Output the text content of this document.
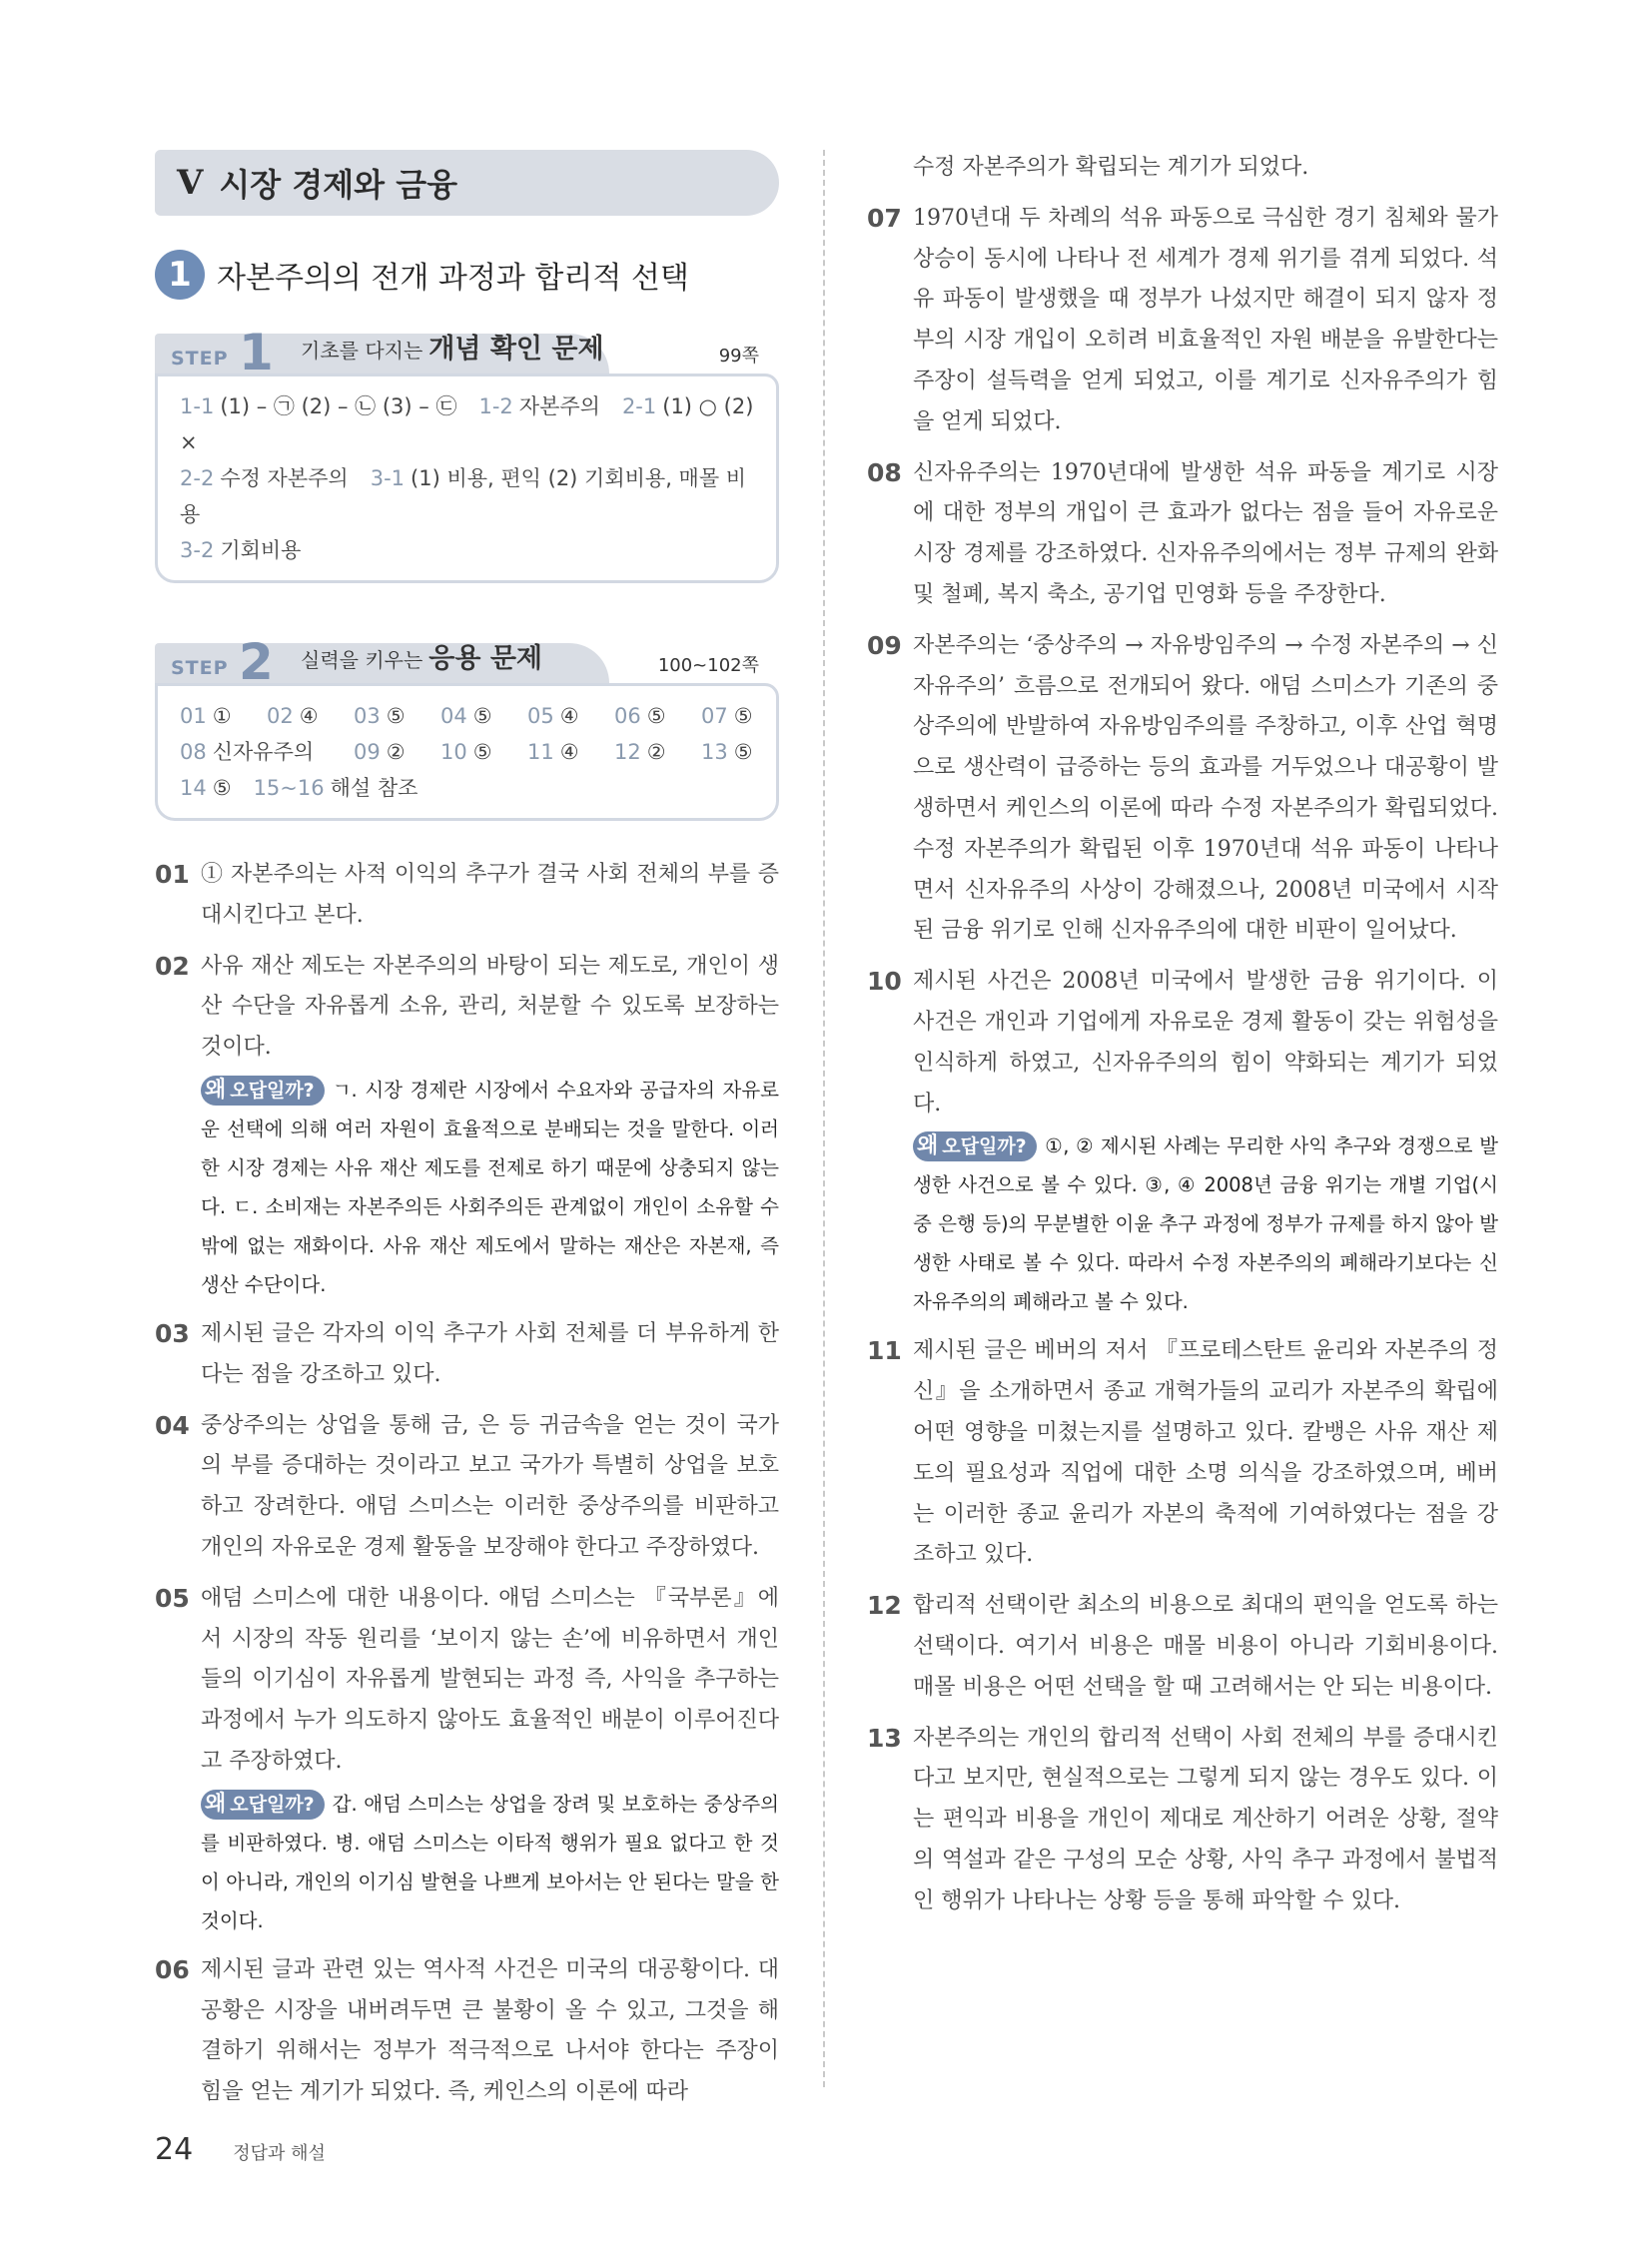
V 시장 경제와 금융
1 자본주의의 전개 과정과 합리적 선택
STEP 1 기초를 다지는 개념 확인 문제	99쪽
1-1 (1) – ㉠ (2) – ㉡ (3) – ㉢ 1-2 자본주의 2-1 (1) ○ (2) ×
2-2 수정 자본주의 3-1 (1) 비용, 편익 (2) 기회비용, 매몰 비용
3-2 기회비용
STEP 2 실력을 키우는 응용 문제	100~102쪽
01 ①	02 ④	03 ⑤	04 ⑤	05 ④	06 ⑤	07 ⑤
08 신자유주의	09 ②	10 ⑤	11 ④	12 ②	13 ⑤
14 ⑤ 15~16 해설 참조
01 ① 자본주의는 사적 이익의 추구가 결국 사회 전체의 부를 증대시킨다고 본다.
02 사유 재산 제도는 자본주의의 바탕이 되는 제도로, 개인이 생산 수단을 자유롭게 소유, 관리, 처분할 수 있도록 보장하는 것이다.
왜 오답일까? ㄱ. 시장 경제란 시장에서 수요자와 공급자의 자유로운 선택에 의해 여러 자원이 효율적으로 분배되는 것을 말한다. 이러한 시장 경제는 사유 재산 제도를 전제로 하기 때문에 상충되지 않는다. ㄷ. 소비재는 자본주의든 사회주의든 관계없이 개인이 소유할 수밖에 없는 재화이다. 사유 재산 제도에서 말하는 재산은 자본재, 즉 생산 수단이다.
03 제시된 글은 각자의 이익 추구가 사회 전체를 더 부유하게 한다는 점을 강조하고 있다.
04 중상주의는 상업을 통해 금, 은 등 귀금속을 얻는 것이 국가의 부를 증대하는 것이라고 보고 국가가 특별히 상업을 보호하고 장려한다. 애덤 스미스는 이러한 중상주의를 비판하고 개인의 자유로운 경제 활동을 보장해야 한다고 주장하였다.
05 애덤 스미스에 대한 내용이다. 애덤 스미스는 『국부론』에서 시장의 작동 원리를 ‘보이지 않는 손’에 비유하면서 개인들의 이기심이 자유롭게 발현되는 과정 즉, 사익을 추구하는 과정에서 누가 의도하지 않아도 효율적인 배분이 이루어진다고 주장하였다.
왜 오답일까? 갑. 애덤 스미스는 상업을 장려 및 보호하는 중상주의를 비판하였다. 병. 애덤 스미스는 이타적 행위가 필요 없다고 한 것이 아니라, 개인의 이기심 발현을 나쁘게 보아서는 안 된다는 말을 한 것이다.
06 제시된 글과 관련 있는 역사적 사건은 미국의 대공황이다. 대공황은 시장을 내버려두면 큰 불황이 올 수 있고, 그것을 해결하기 위해서는 정부가 적극적으로 나서야 한다는 주장이 힘을 얻는 계기가 되었다. 즉, 케인스의 이론에 따라
수정 자본주의가 확립되는 계기가 되었다.
07 1970년대 두 차례의 석유 파동으로 극심한 경기 침체와 물가 상승이 동시에 나타나 전 세계가 경제 위기를 겪게 되었다. 석유 파동이 발생했을 때 정부가 나섰지만 해결이 되지 않자 정부의 시장 개입이 오히려 비효율적인 자원 배분을 유발한다는 주장이 설득력을 얻게 되었고, 이를 계기로 신자유주의가 힘을 얻게 되었다.
08 신자유주의는 1970년대에 발생한 석유 파동을 계기로 시장에 대한 정부의 개입이 큰 효과가 없다는 점을 들어 자유로운 시장 경제를 강조하였다. 신자유주의에서는 정부 규제의 완화 및 철폐, 복지 축소, 공기업 민영화 등을 주장한다.
09 자본주의는 ‘중상주의 → 자유방임주의 → 수정 자본주의 → 신자유주의’ 흐름으로 전개되어 왔다. 애덤 스미스가 기존의 중상주의에 반발하여 자유방임주의를 주창하고, 이후 산업 혁명으로 생산력이 급증하는 등의 효과를 거두었으나 대공황이 발생하면서 케인스의 이론에 따라 수정 자본주의가 확립되었다. 수정 자본주의가 확립된 이후 1970년대 석유 파동이 나타나면서 신자유주의 사상이 강해졌으나, 2008년 미국에서 시작된 금융 위기로 인해 신자유주의에 대한 비판이 일어났다.
10 제시된 사건은 2008년 미국에서 발생한 금융 위기이다. 이 사건은 개인과 기업에게 자유로운 경제 활동이 갖는 위험성을 인식하게 하였고, 신자유주의의 힘이 약화되는 계기가 되었다.
왜 오답일까? ①, ② 제시된 사례는 무리한 사익 추구와 경쟁으로 발생한 사건으로 볼 수 있다. ③, ④ 2008년 금융 위기는 개별 기업(시중 은행 등)의 무분별한 이윤 추구 과정에 정부가 규제를 하지 않아 발생한 사태로 볼 수 있다. 따라서 수정 자본주의의 폐해라기보다는 신자유주의의 폐해라고 볼 수 있다.
11 제시된 글은 베버의 저서 『프로테스탄트 윤리와 자본주의 정신』을 소개하면서 종교 개혁가들의 교리가 자본주의 확립에 어떤 영향을 미쳤는지를 설명하고 있다. 칼뱅은 사유 재산 제도의 필요성과 직업에 대한 소명 의식을 강조하였으며, 베버는 이러한 종교 윤리가 자본의 축적에 기여하였다는 점을 강조하고 있다.
12 합리적 선택이란 최소의 비용으로 최대의 편익을 얻도록 하는 선택이다. 여기서 비용은 매몰 비용이 아니라 기회비용이다. 매몰 비용은 어떤 선택을 할 때 고려해서는 안 되는 비용이다.
13 자본주의는 개인의 합리적 선택이 사회 전체의 부를 증대시킨다고 보지만, 현실적으로는 그렇게 되지 않는 경우도 있다. 이는 편익과 비용을 개인이 제대로 계산하기 어려운 상황, 절약의 역설과 같은 구성의 모순 상황, 사익 추구 과정에서 불법적인 행위가 나타나는 상황 등을 통해 파악할 수 있다.
24 정답과 해설
